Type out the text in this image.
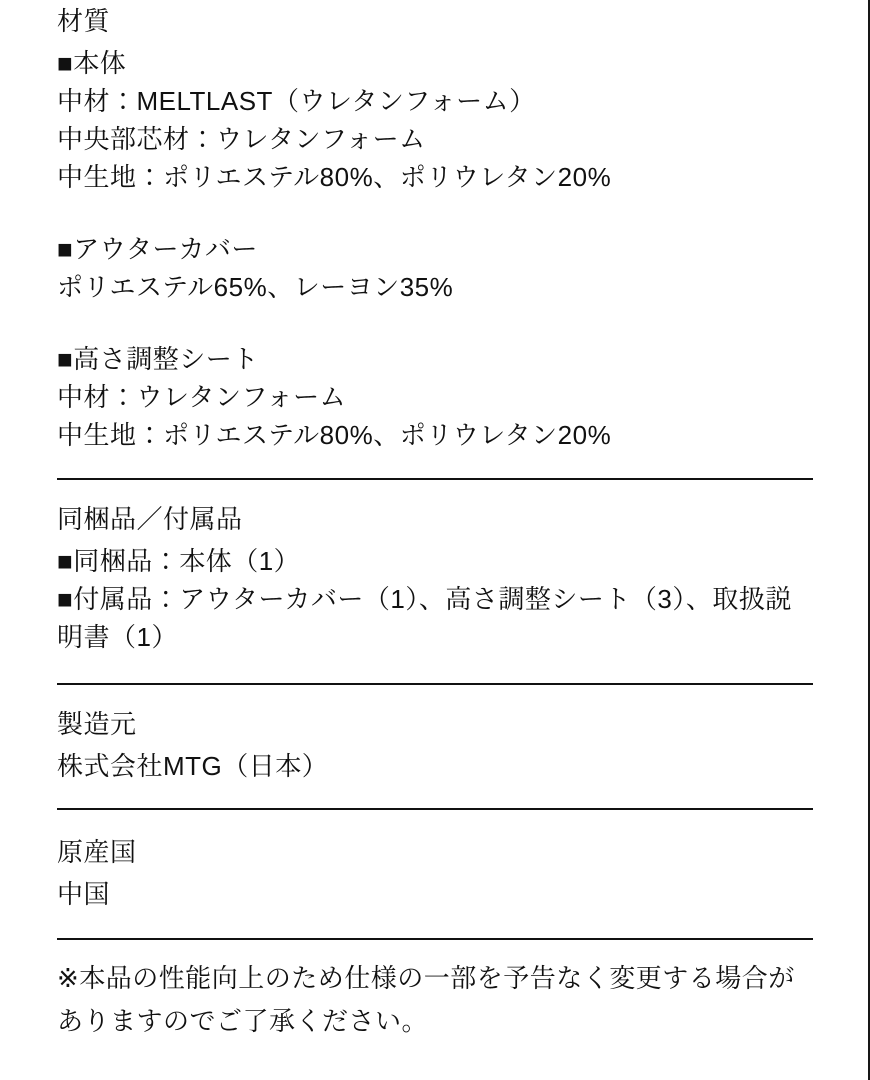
材質

■本体

中材：MELTLAST（ウレタンフォーム）

中央部芯材：ウレタンフォーム

中生地：ポリエステル80%、ポリウレタン20%

■アウターカバー

ポリエステル65%、レーヨン35%

■高さ調整シート

中材：ウレタンフォーム

中生地：ポリエステル80%、ポリウレタン20%

同梱品／付属品

■同梱品：本体（1）

■付属品：アウターカバー（1）、高さ調整シート（3）、取扱説明書（1）

製造元

株式会社MTG（日本）

原産国

中国

※本品の性能向上のため仕様の一部を予告なく変更する場合がありますのでご了承ください。
